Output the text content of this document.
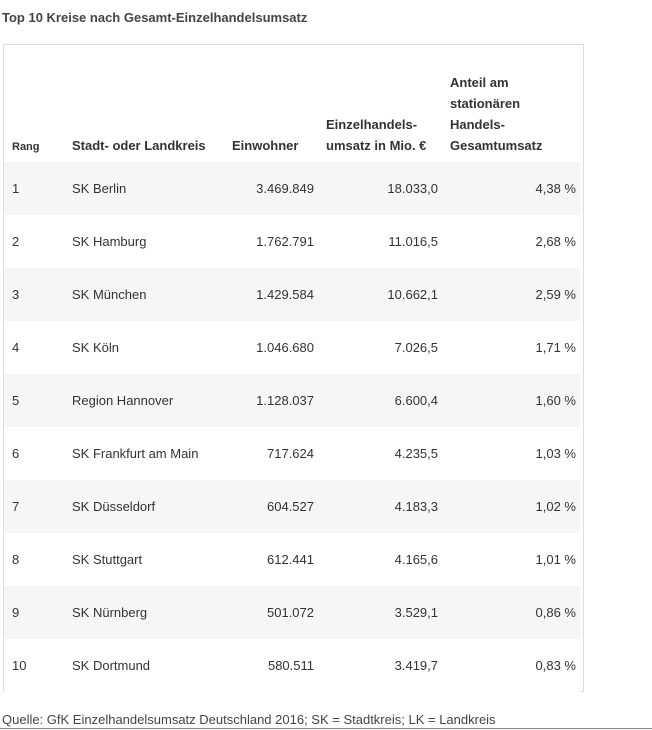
Top 10 Kreise nach Gesamt-Einzelhandelsumsatz
Rang	Stadt- oder Landkreis	Einwohner	Einzelhandels- umsatz in Mio. €	Anteil am stationären Handels- Gesamtumsatz
1	SK Berlin	3.469.849	18.033,0	4,38 %
2	SK Hamburg	1.762.791	11.016,5	2,68 %
3	SK München	1.429.584	10.662,1	2,59 %
4	SK Köln	1.046.680	7.026,5	1,71 %
5	Region Hannover	1.128.037	6.600,4	1,60 %
6	SK Frankfurt am Main	717.624	4.235,5	1,03 %
7	SK Düsseldorf	604.527	4.183,3	1,02 %
8	SK Stuttgart	612.441	4.165,6	1,01 %
9	SK Nürnberg	501.072	3.529,1	0,86 %
10	SK Dortmund	580.511	3.419,7	0,83 %
Quelle: GfK Einzelhandelsumsatz Deutschland 2016; SK = Stadtkreis; LK = Landkreis
